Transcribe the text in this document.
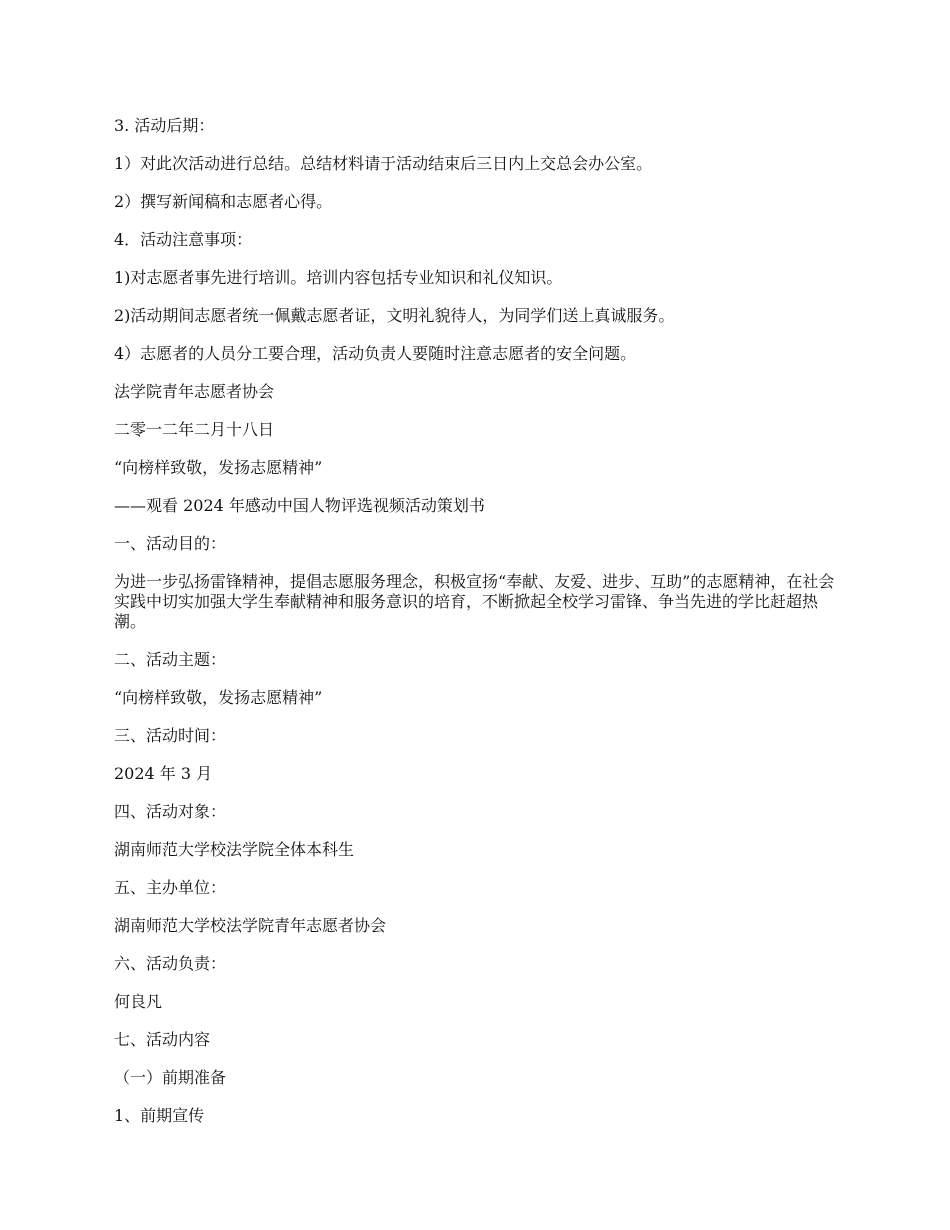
3. 活动后期：

1）对此次活动进行总结。总结材料请于活动结束后三日内上交总会办公室。

2）撰写新闻稿和志愿者心得。

4．活动注意事项：

1)对志愿者事先进行培训。培训内容包括专业知识和礼仪知识。

2)活动期间志愿者统一佩戴志愿者证，文明礼貌待人，为同学们送上真诚服务。

4）志愿者的人员分工要合理，活动负责人要随时注意志愿者的安全问题。

法学院青年志愿者协会

二零一二年二月十八日

“向榜样致敬，发扬志愿精神”

——观看 2024 年感动中国人物评选视频活动策划书

一、活动目的：

为进一步弘扬雷锋精神，提倡志愿服务理念，积极宣扬“奉献、友爱、进步、互助”的志愿精神，在社会实践中切实加强大学生奉献精神和服务意识的培育，不断掀起全校学习雷锋、争当先进的学比赶超热潮。

二、活动主题：

“向榜样致敬，发扬志愿精神”

三、活动时间：

2024 年 3 月

四、活动对象：

湖南师范大学校法学院全体本科生

五、主办单位：

湖南师范大学校法学院青年志愿者协会

六、活动负责：

何良凡

七、活动内容

（一）前期准备

1、前期宣传
